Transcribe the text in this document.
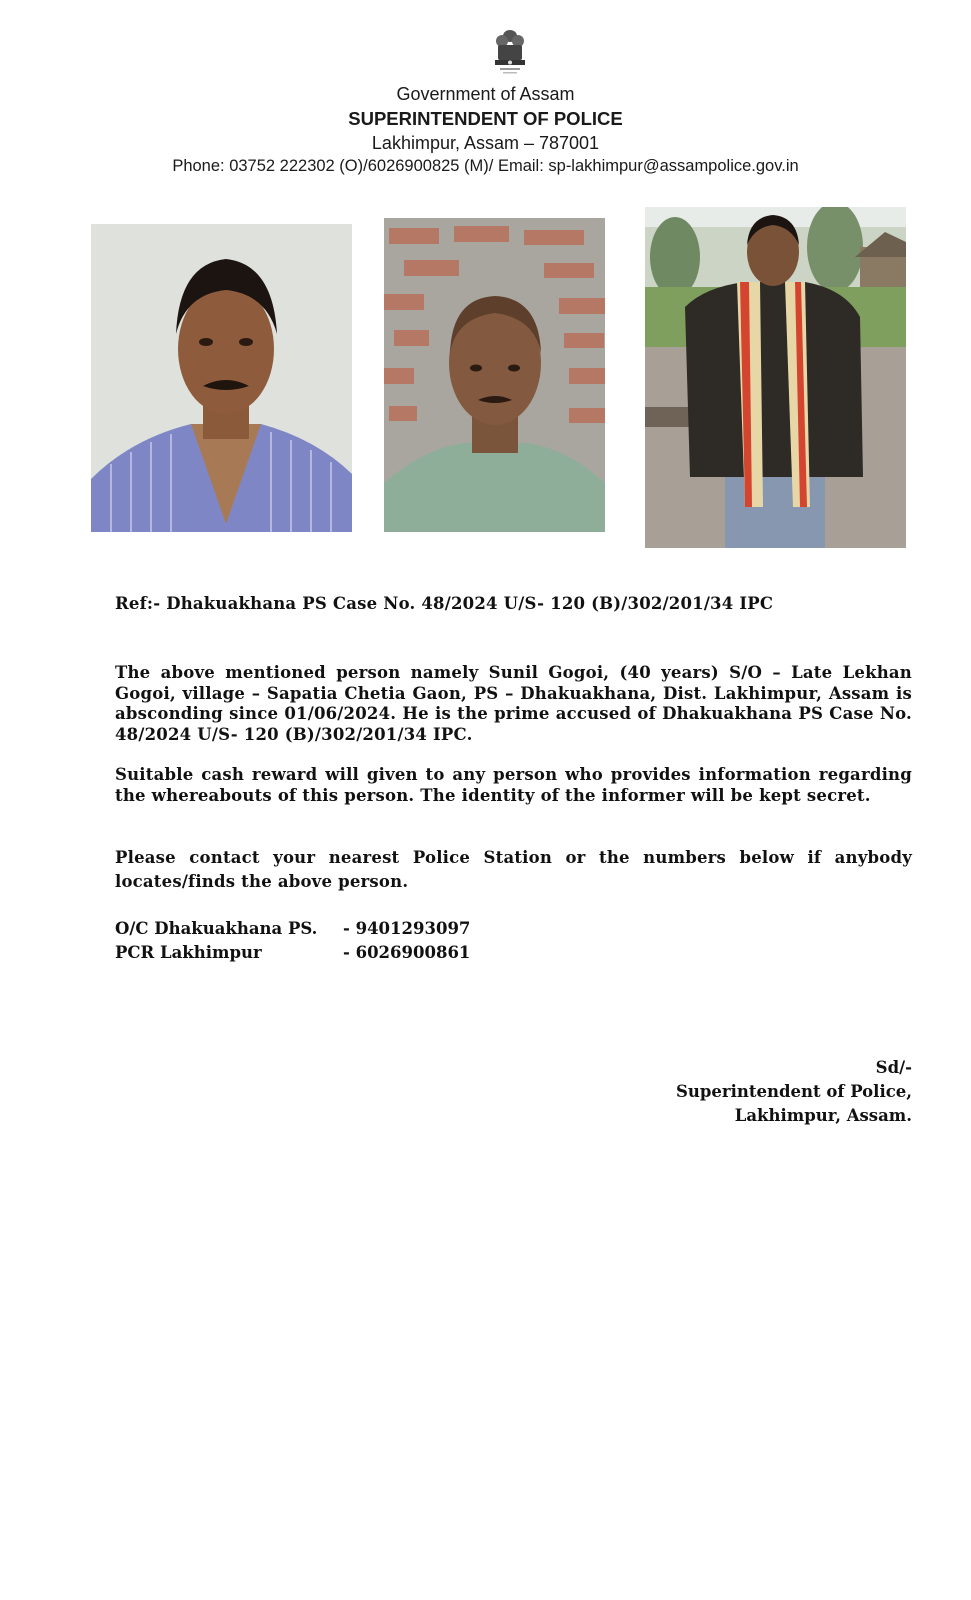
Government of Assam
SUPERINTENDENT OF POLICE
Lakhimpur, Assam – 787001
Phone: 03752 222302 (O)/6026900825 (M)/ Email: sp-lakhimpur@assampolice.gov.in
Ref:- Dhakuakhana PS Case No. 48/2024 U/S- 120 (B)/302/201/34 IPC
The above mentioned person namely Sunil Gogoi, (40 years) S/O – Late Lekhan Gogoi, village – Sapatia Chetia Gaon, PS – Dhakuakhana, Dist. Lakhimpur, Assam is absconding since 01/06/2024. He is the prime accused of Dhakuakhana PS Case No. 48/2024 U/S- 120 (B)/302/201/34 IPC.
Suitable cash reward will given to any person who provides information regarding the whereabouts of this person. The identity of the informer will be kept secret.
Please contact your nearest Police Station or the numbers below if anybody locates/finds the above person.
O/C Dhakuakhana PS. - 9401293097
PCR Lakhimpur	- 6026900861
Sd/-
Superintendent of Police,
Lakhimpur, Assam.
